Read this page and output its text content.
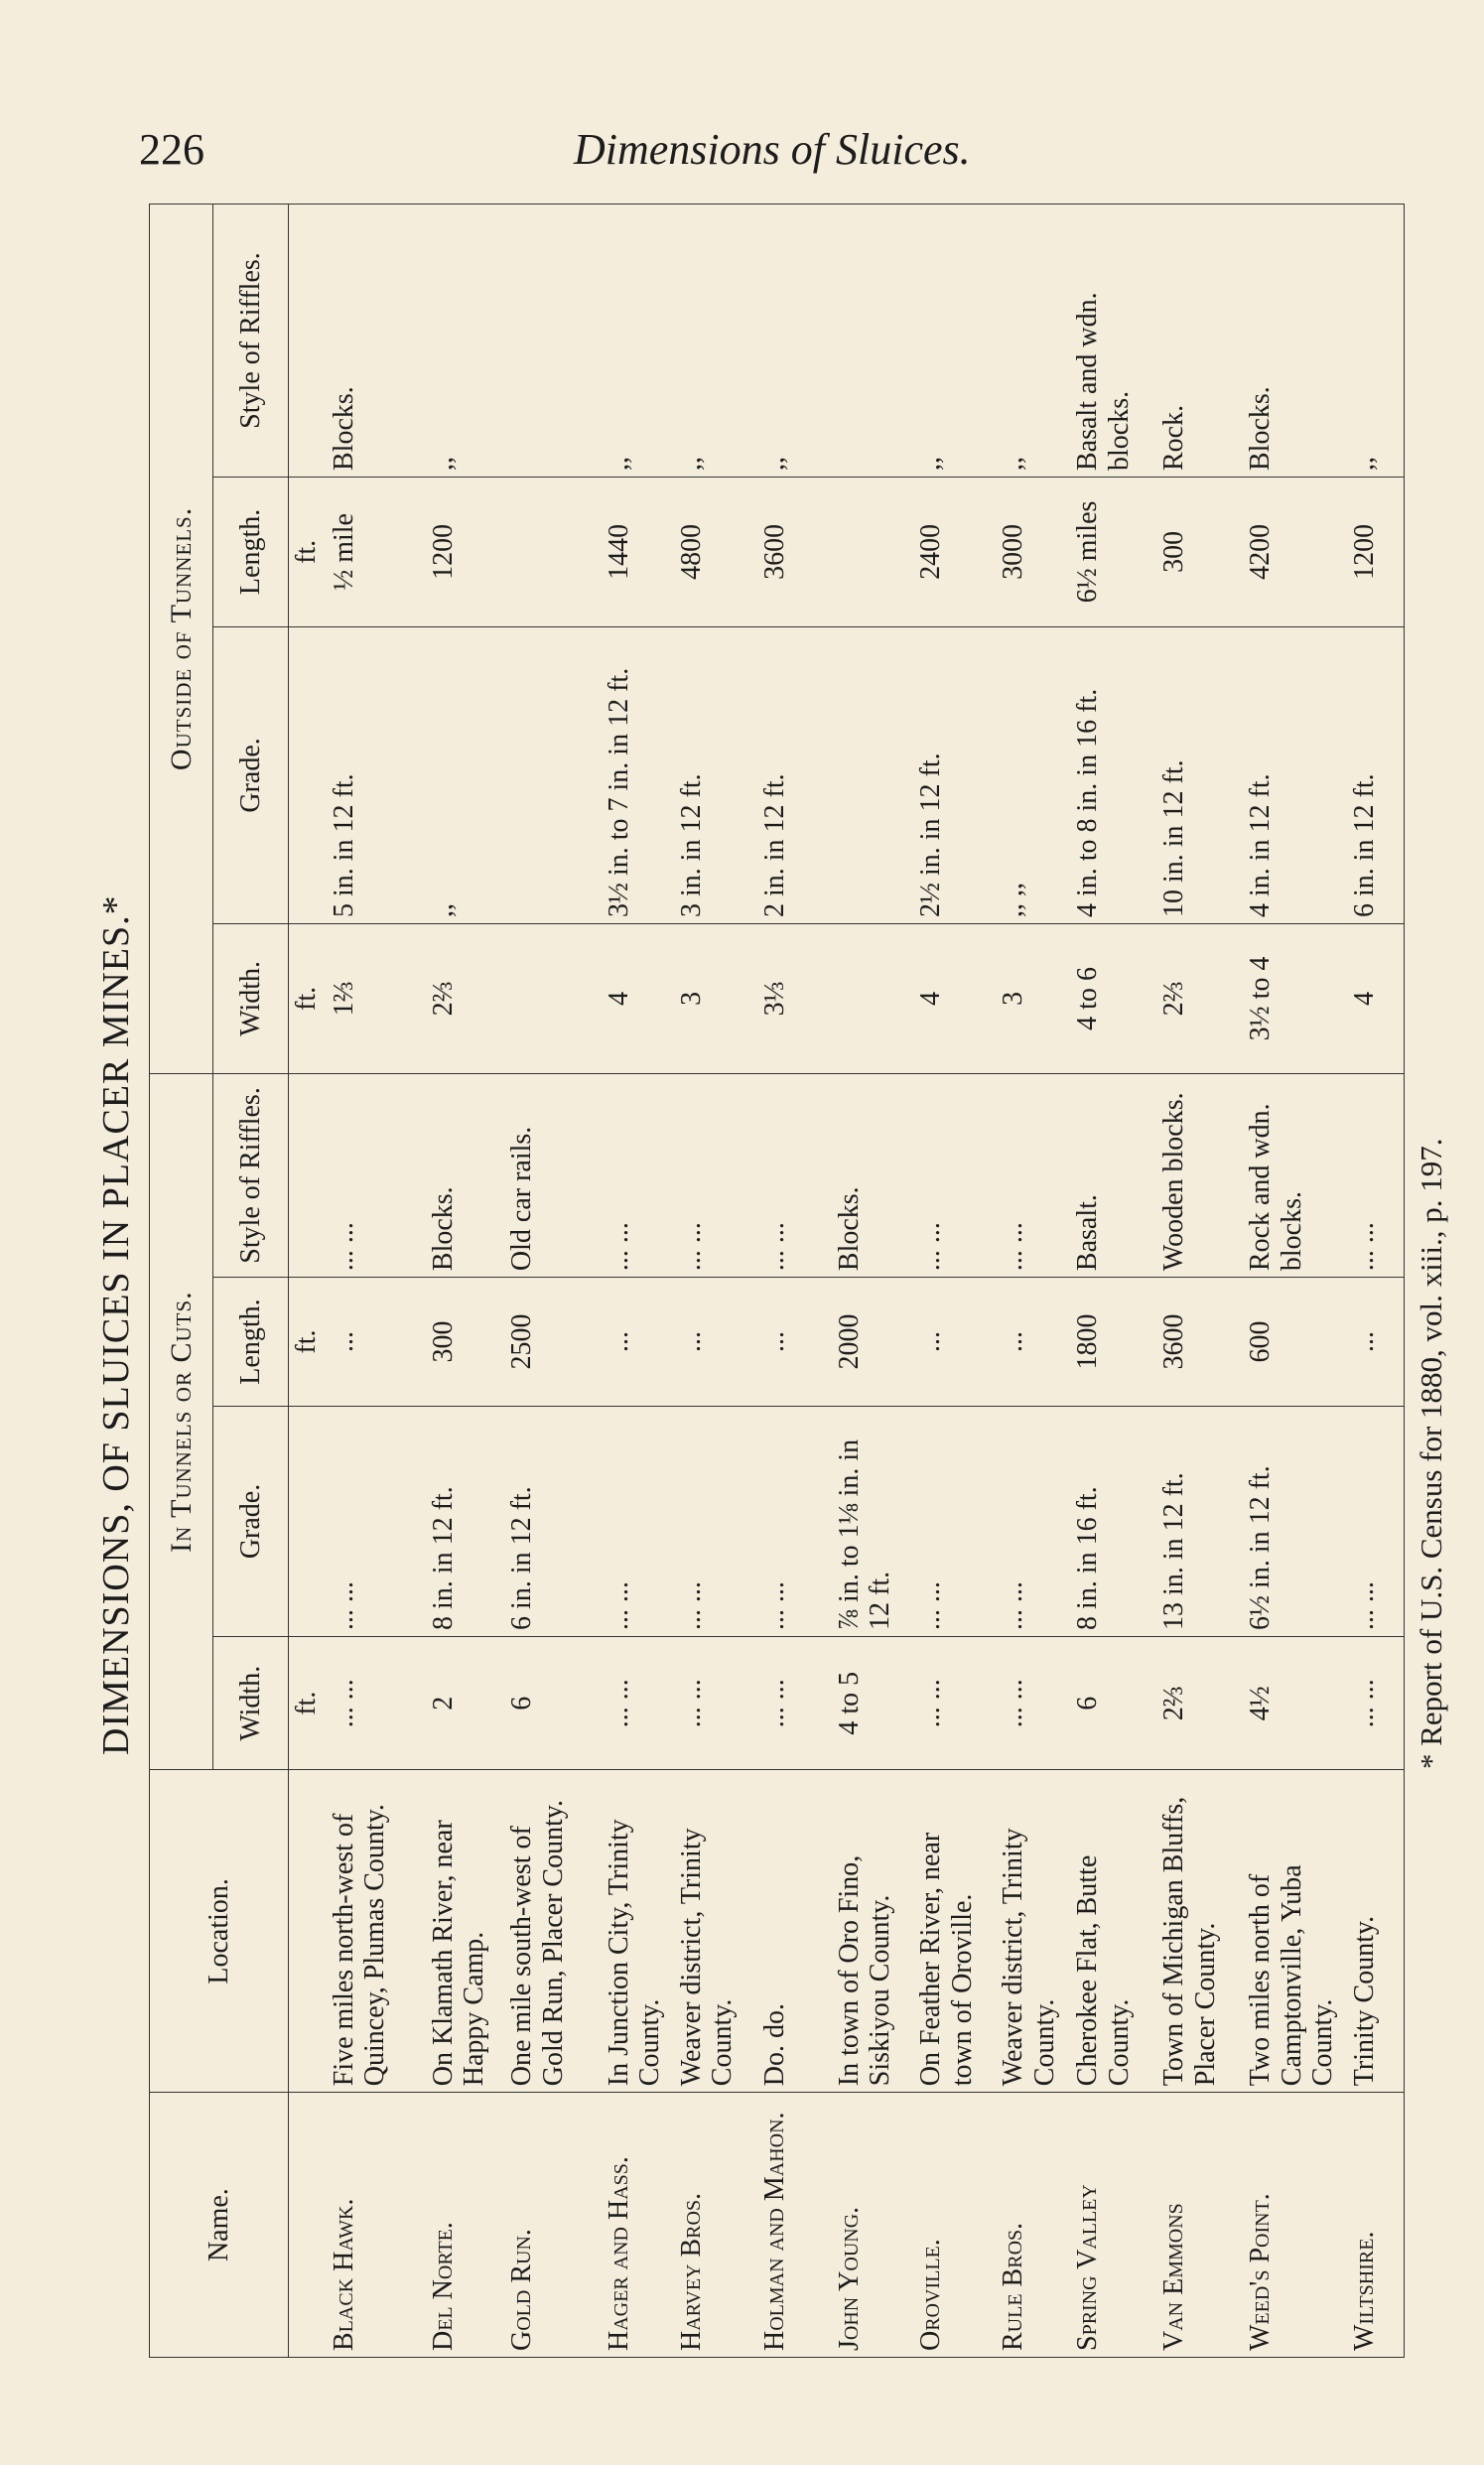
226	Dimensions of Sluices.
DIMENSIONS, OF SLUICES IN PLACER MINES.*	* Report of U.S. Census for 1880, vol. xiii., p. 197.
Name.	Location.	In Tunnels or Cuts.				Outside of Tunnels.			
		Width.	Grade.	Length.	Style of Riffles.	Width.	Grade.	Length.	Style of Riffles.
		ft.		ft.		ft.		ft.	
Black Hawk.	Five miles north-west of Quincey, Plumas County.	... ...	... ...	...	... ...	1⅔	5 in. in 12 ft.	½ mile	Blocks.
Del Norte.	On Klamath River, near Happy Camp.	2	8 in. in 12 ft.	300	Blocks.	2⅔	,,	1200	,,
Gold Run.	One mile south-west of Gold Run, Placer County.	6	6 in. in 12 ft.	2500	Old car rails.				
Hager and Hass.	In Junction City, Trinity County.	... ...	... ...	...	... ...	4	3½ in. to 7 in. in 12 ft.	1440	,,
Harvey Bros.	Weaver district, Trinity County.	... ...	... ...	...	... ...	3	3 in. in 12 ft.	4800	,,
Holman and Mahon.	Do. do.	... ...	... ...	...	... ...	3⅓	2 in. in 12 ft.	3600	,,
John Young.	In town of Oro Fino, Siskiyou County.	4 to 5	⅞ in. to 1⅛ in. in 12 ft.	2000	Blocks.				
Oroville.	On Feather River, near town of Oroville.	... ...	... ...	...	... ...	4	2½ in. in 12 ft.	2400	,,
Rule Bros.	Weaver district, Trinity County.	... ...	... ...	...	... ...	3	,, ,,	3000	,,
Spring Valley	Cherokee Flat, Butte County.	6	8 in. in 16 ft.	1800	Basalt.	4 to 6	4 in. to 8 in. in 16 ft.	6½ miles	Basalt and wdn. blocks.
Van Emmons	Town of Michigan Bluffs, Placer County.	2⅔	13 in. in 12 ft.	3600	Wooden blocks.	2⅔	10 in. in 12 ft.	300	Rock.
Weed's Point.	Two miles north of Camptonville, Yuba County.	4½	6½ in. in 12 ft.	600	Rock and wdn. blocks.	3½ to 4	4 in. in 12 ft.	4200	Blocks.
Wiltshire.	Trinity County.	... ...	... ...	...	... ...	4	6 in. in 12 ft.	1200	,,
